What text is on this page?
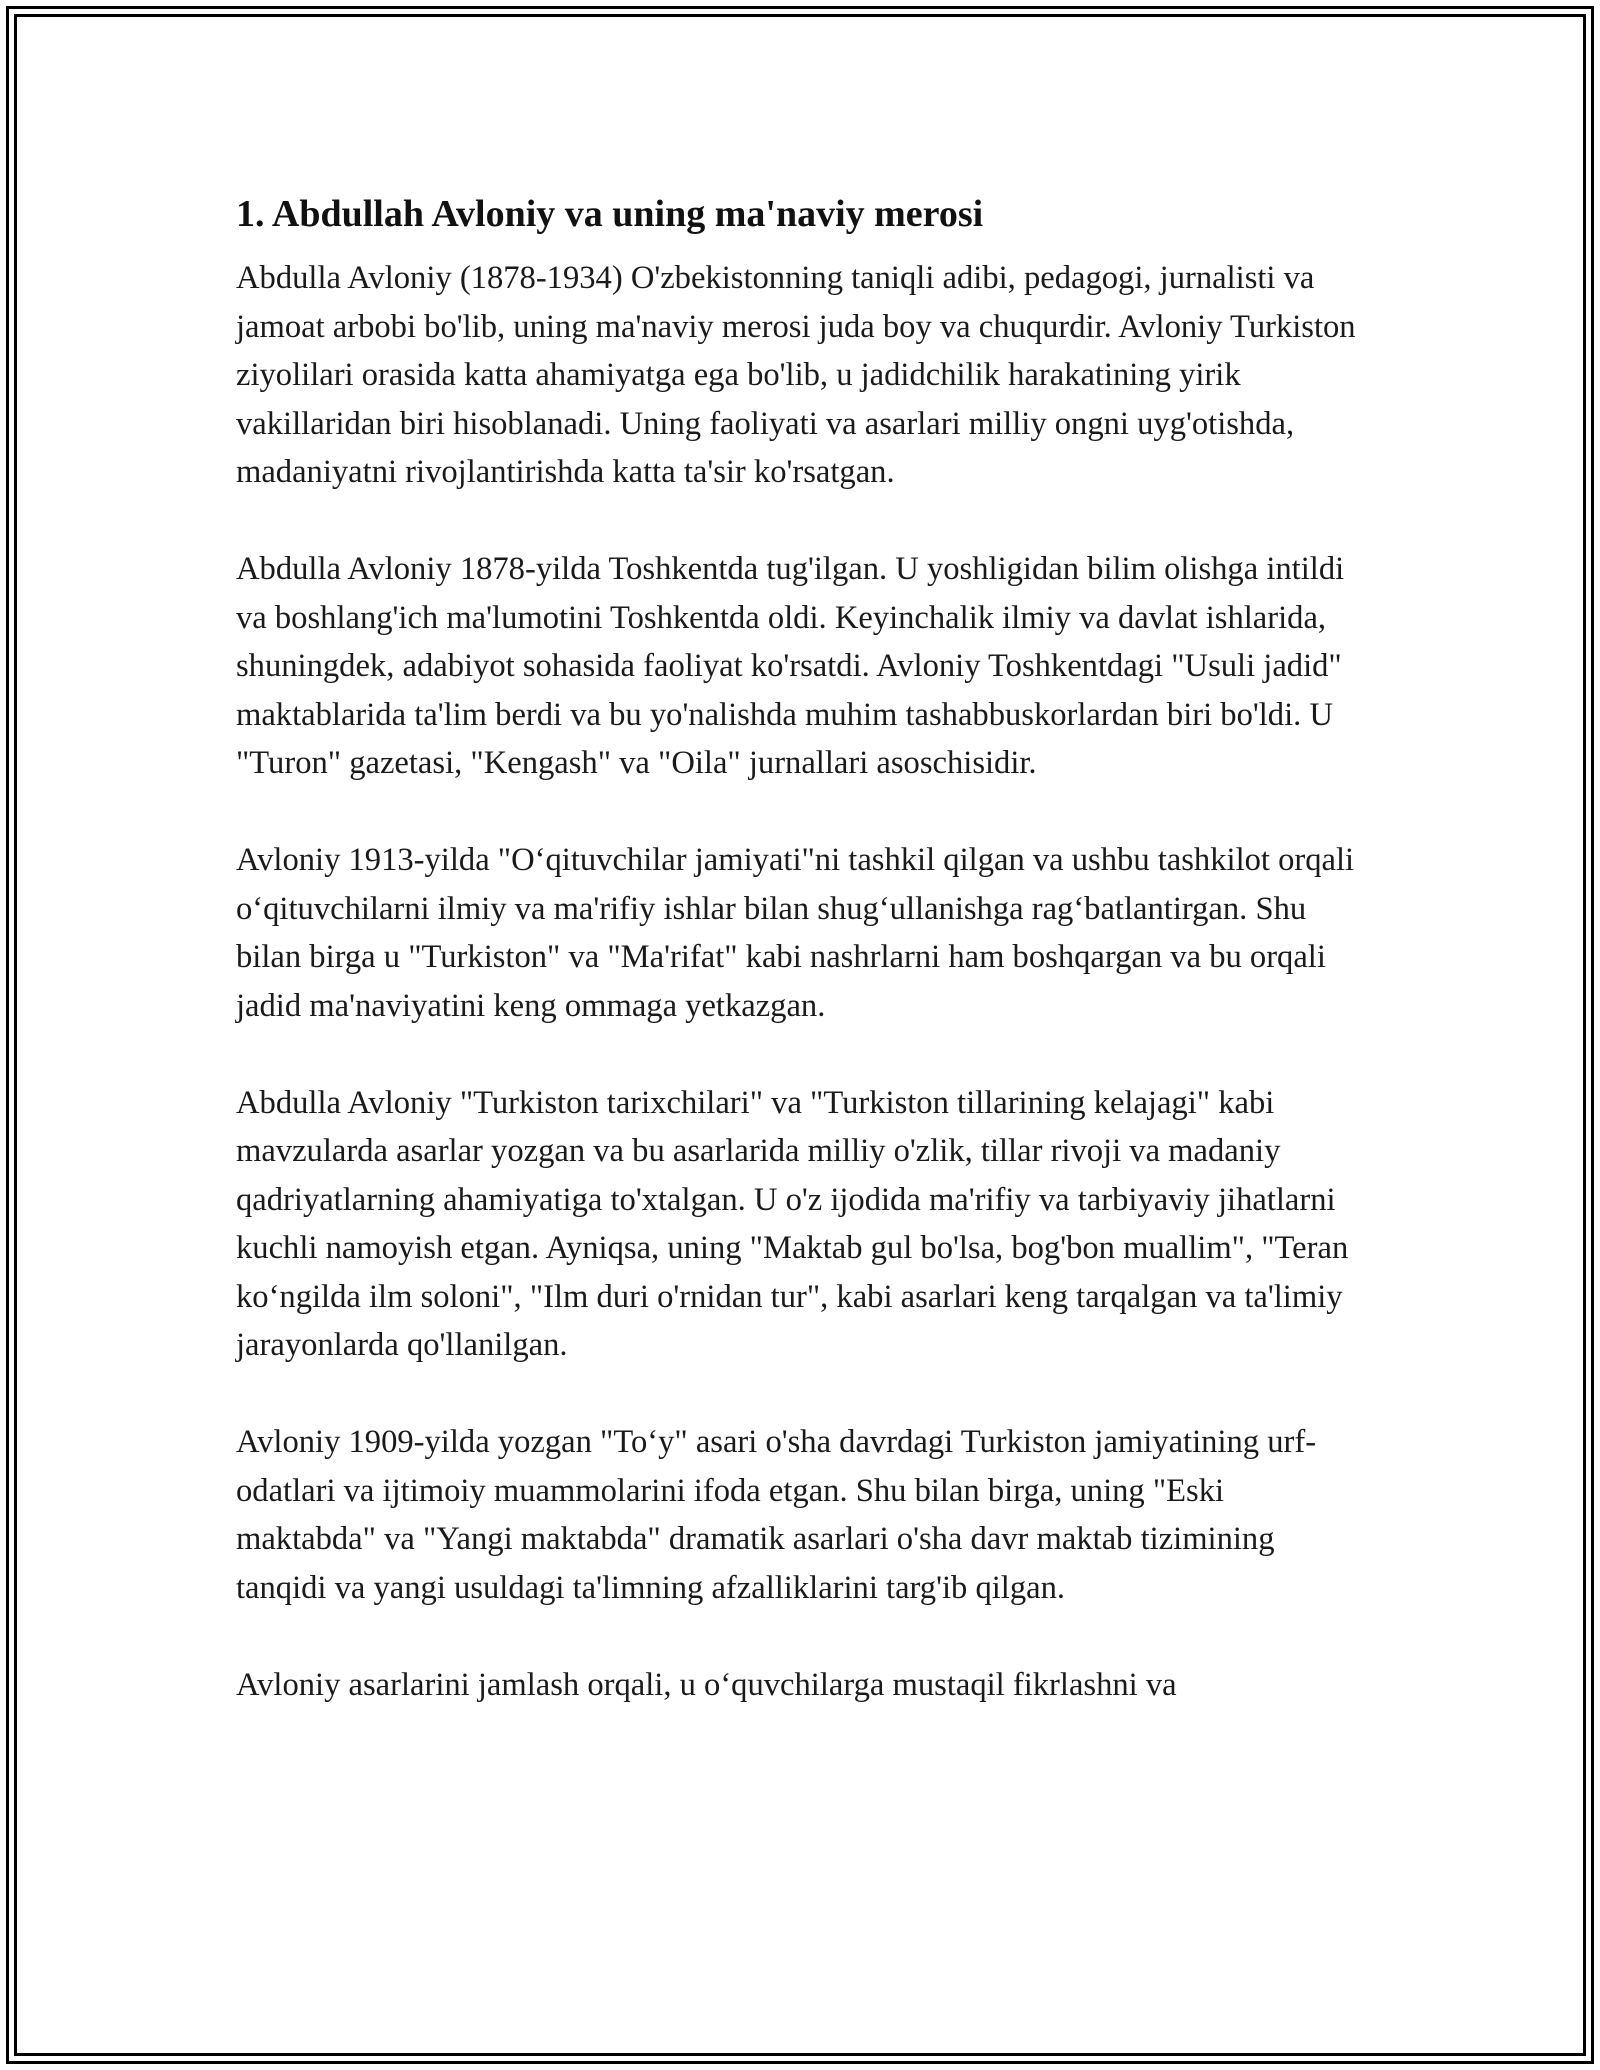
1. Abdullah Avloniy va uning ma'naviy merosi

Abdulla Avloniy (1878-1934) O'zbekistonning taniqli adibi, pedagogi, jurnalisti va jamoat arbobi bo'lib, uning ma'naviy merosi juda boy va chuqurdir. Avloniy Turkiston ziyolilari orasida katta ahamiyatga ega bo'lib, u jadidchilik harakatining yirik vakillaridan biri hisoblanadi. Uning faoliyati va asarlari milliy ongni uyg'otishda, madaniyatni rivojlantirishda katta ta'sir ko'rsatgan.

Abdulla Avloniy 1878-yilda Toshkentda tug'ilgan. U yoshligidan bilim olishga intildi va boshlang'ich ma'lumotini Toshkentda oldi. Keyinchalik ilmiy va davlat ishlarida, shuningdek, adabiyot sohasida faoliyat ko'rsatdi. Avloniy Toshkentdagi "Usuli jadid" maktablarida ta'lim berdi va bu yo'nalishda muhim tashabbuskorlardan biri bo'ldi. U "Turon" gazetasi, "Kengash" va "Oila" jurnallari asoschisidir.

Avloniy 1913-yilda "O‘qituvchilar jamiyati"ni tashkil qilgan va ushbu tashkilot orqali o‘qituvchilarni ilmiy va ma'rifiy ishlar bilan shug‘ullanishga rag‘batlantirgan. Shu bilan birga u "Turkiston" va "Ma'rifat" kabi nashrlarni ham boshqargan va bu orqali jadid ma'naviyatini keng ommaga yetkazgan.

Abdulla Avloniy "Turkiston tarixchilari" va "Turkiston tillarining kelajagi" kabi mavzularda asarlar yozgan va bu asarlarida milliy o'zlik, tillar rivoji va madaniy qadriyatlarning ahamiyatiga to'xtalgan. U o'z ijodida ma'rifiy va tarbiyaviy jihatlarni kuchli namoyish etgan. Ayniqsa, uning "Maktab gul bo'lsa, bog'bon muallim", "Teran ko‘ngilda ilm soloni", "Ilm duri o'rnidan tur", kabi asarlari keng tarqalgan va ta'limiy jarayonlarda qo'llanilgan.

Avloniy 1909-yilda yozgan "To‘y" asari o'sha davrdagi Turkiston jamiyatining urf-odatlari va ijtimoiy muammolarini ifoda etgan. Shu bilan birga, uning "Eski maktabda" va "Yangi maktabda" dramatik asarlari o'sha davr maktab tizimining tanqidi va yangi usuldagi ta'limning afzalliklarini targ'ib qilgan.

Avloniy asarlarini jamlash orqali, u o‘quvchilarga mustaqil fikrlashni va
